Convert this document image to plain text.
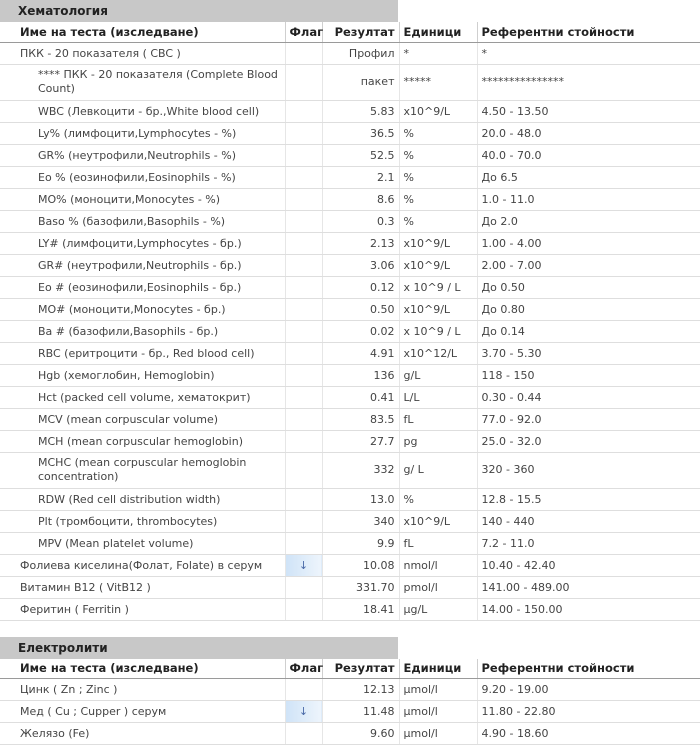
Хематология
Име на теста (изследване)	Флаг	Резултат	Единици	Референтни стойности
ПКК - 20 показателя ( CBC )		Профил	*	*
**** ПКК - 20 показателя (Complete Blood Count)		пакет	*****	***************
WBC (Левкоцити - бр.,White blood cell)		5.83	x10^9/L	4.50 - 13.50
Ly% (лимфоцити,Lymphocytes - %)		36.5	%	20.0 - 48.0
GR% (неутрофили,Neutrophils - %)		52.5	%	40.0 - 70.0
Eo % (еозинофили,Eosinophils - %)		2.1	%	До 6.5
MO% (моноцити,Monocytes - %)		8.6	%	1.0 - 11.0
Baso % (базофили,Basophils - %)		0.3	%	До 2.0
LY# (лимфоцити,Lymphocytes - бр.)		2.13	x10^9/L	1.00 - 4.00
GR# (неутрофили,Neutrophils - бр.)		3.06	x10^9/L	2.00 - 7.00
Eo # (еозинофили,Eosinophils - бр.)		0.12	x 10^9 / L	До 0.50
MO# (моноцити,Monocytes - бр.)		0.50	x10^9/L	До 0.80
Ba # (базофили,Basophils - бр.)		0.02	x 10^9 / L	До 0.14
RBC (еритроцити - бр., Red blood cell)		4.91	x10^12/L	3.70 - 5.30
Hgb (хемоглобин, Hemoglobin)		136	g/L	118 - 150
Hct (packed cell volume, хематокрит)		0.41	L/L	0.30 - 0.44
MCV (mean corpuscular volume)		83.5	fL	77.0 - 92.0
MCH (mean corpuscular hemoglobin)		27.7	pg	25.0 - 32.0
MCHC (mean corpuscular hemoglobin concentration)		332	g/ L	320 - 360
RDW (Red cell distribution width)		13.0	%	12.8 - 15.5
Plt (тромбоцити, thrombocytes)		340	x10^9/L	140 - 440
MPV (Mean platelet volume)		9.9	fL	7.2 - 11.0
Фолиева киселина(Фолат, Folate) в серум	↓	10.08	nmol/l	10.40 - 42.40
Витамин B12 ( VitB12 )		331.70	pmol/l	141.00 - 489.00
Феритин ( Ferritin )		18.41	µg/L	14.00 - 150.00
Електролити
Име на теста (изследване)	Флаг	Резултат	Единици	Референтни стойности
Цинк ( Zn ; Zinc )		12.13	µmol/l	9.20 - 19.00
Мед ( Cu ; Cupper ) серум	↓	11.48	µmol/l	11.80 - 22.80
Желязо (Fe)		9.60	µmol/l	4.90 - 18.60
